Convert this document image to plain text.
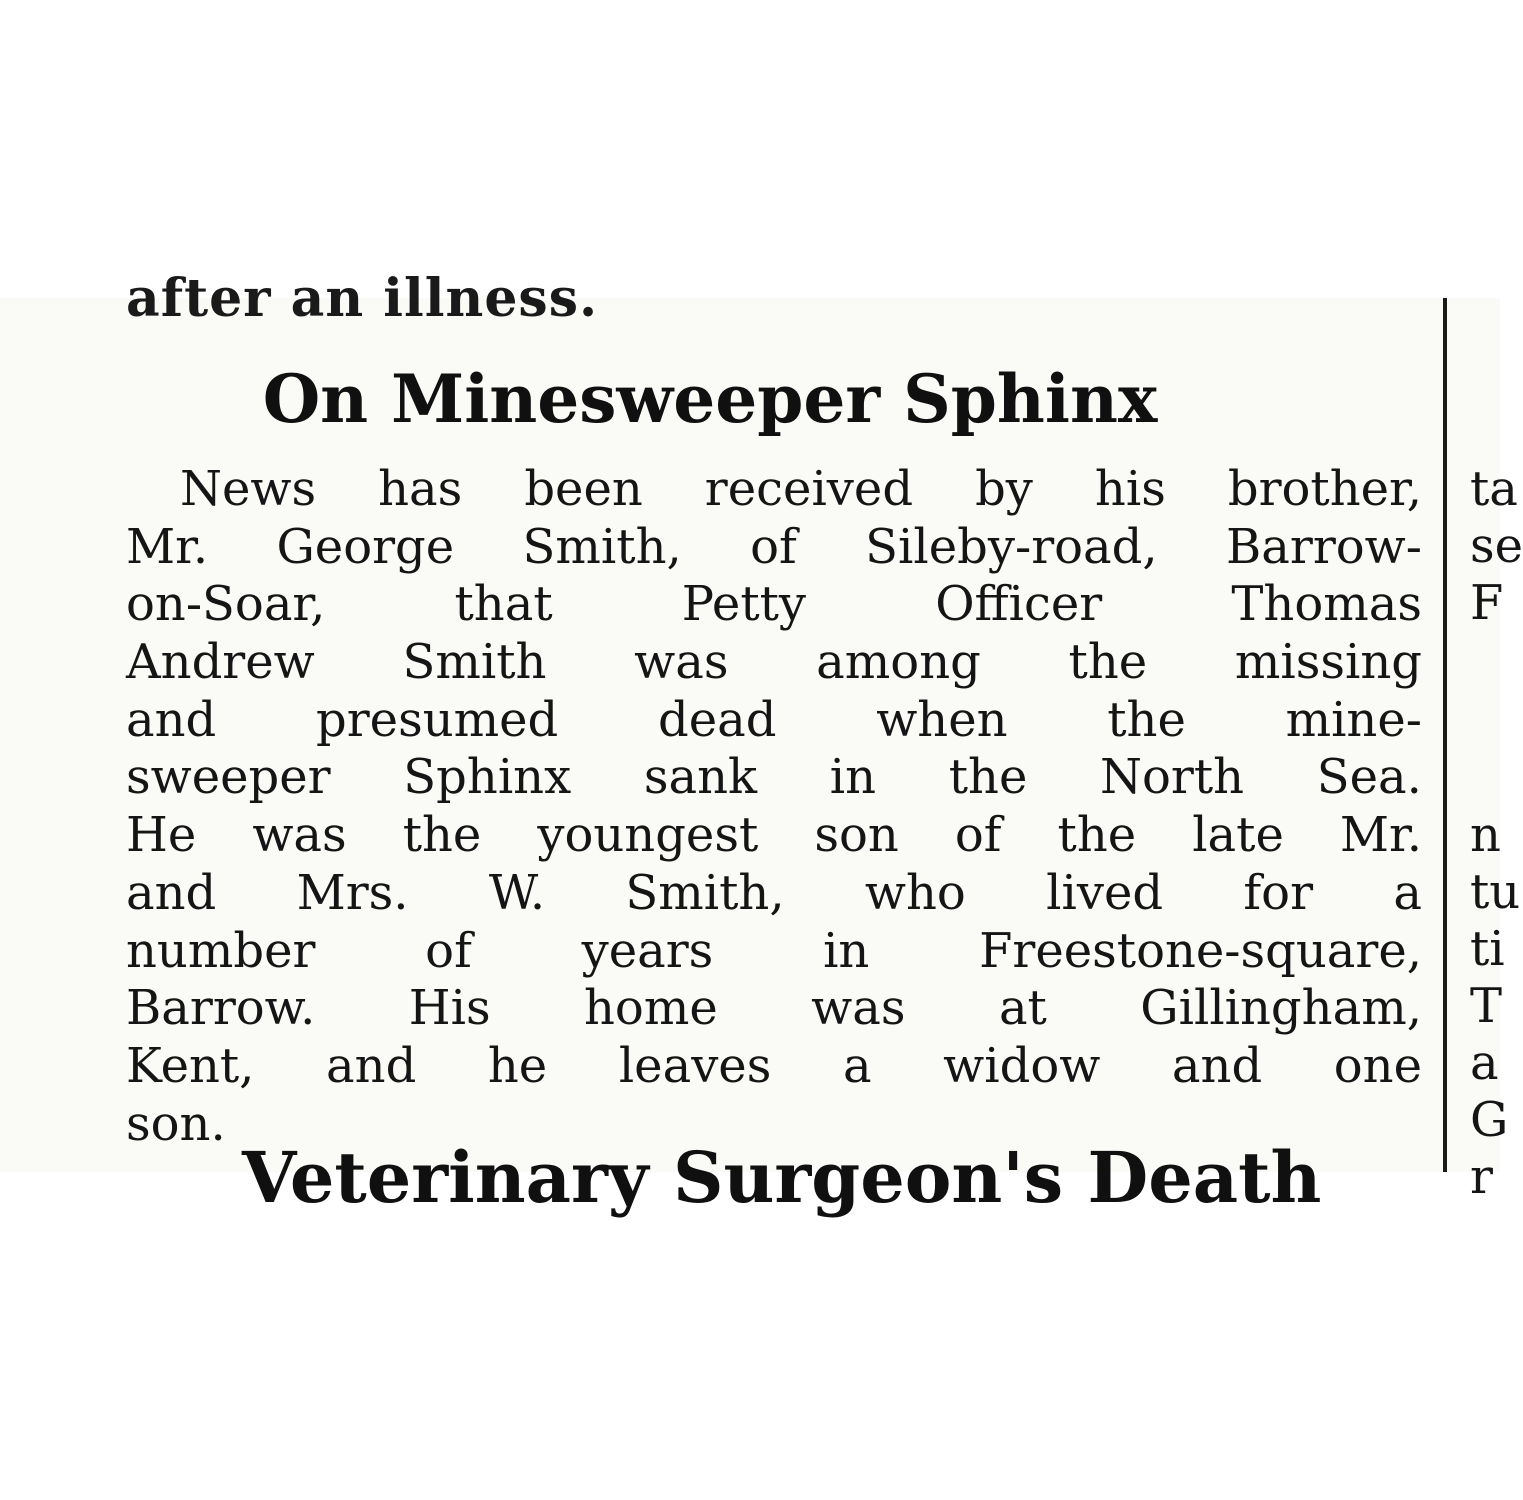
after an illness.
On Minesweeper Sphinx
News has been received by his brother,
Mr. George Smith, of Sileby-road, Barrow-
on-Soar,	that	Petty	Officer	Thomas
Andrew Smith was among the missing
and presumed dead when the mine-
sweeper Sphinx sank in the North Sea.
He was the youngest son of the late Mr.
and Mrs. W. Smith, who lived for a
number of years in Freestone-square,
Barrow. His home was at Gillingham,
Kent, and he leaves a widow and one
son.
Veterinary Surgeon's Death
ta
se
F
n
tu
ti
T
a
G
r
